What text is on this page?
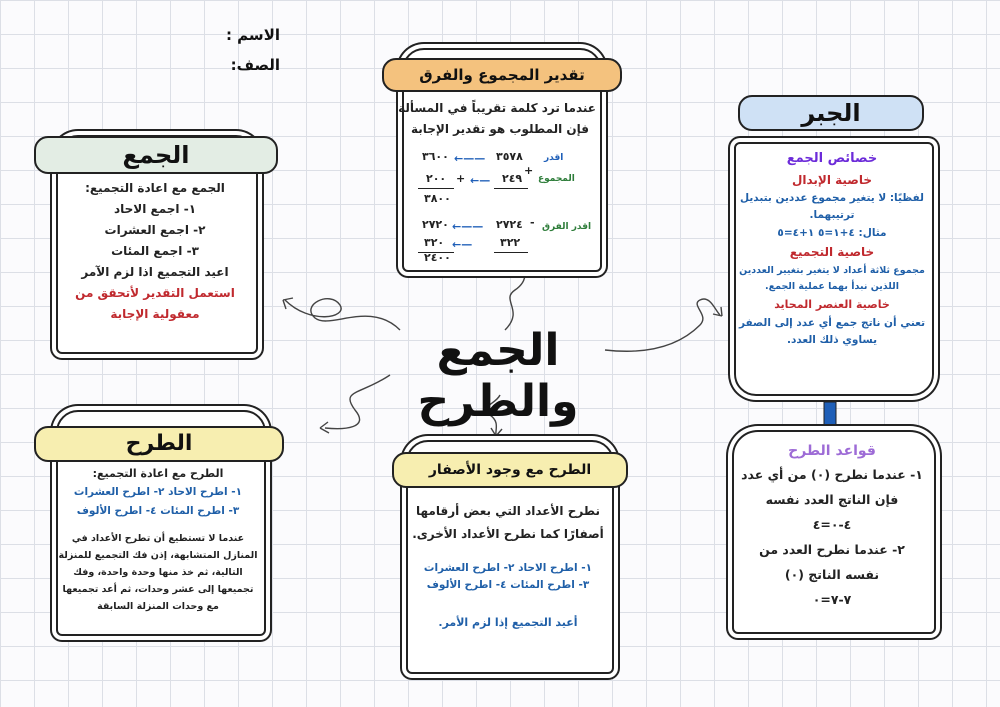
الاسم :
الصف:
الجمع والطرح
الجمع
الجمع مع اعادة التجميع:
١- اجمع الاحاد
٢- اجمع العشرات
٣- اجمع المئات
اعيد التجميع اذا لزم الآمر
استعمل التقدير لأتحقق من
معقولية الإجابة
تقدير المجموع والفرق
عندما ترد كلمة تقريباً في المسألة
فإن المطلوب هو تقدير الإجابة
٣٦٠٠ ←—— ٣٥٧٨ اقدر
٢٠٠ + ←— ٢٤٩
+
المجموع
٣٨٠٠
٢٧٢٠ ←—— ٢٧٢٤ - اقدر الفرق
٣٢٠ ←—	٣٢٢
٢٤٠٠
الجبر
خصائص الجمع
خاصية الإبدال
لفظيًا: لا يتغير مجموع عددين بتبديل
ترتيبهما.
مثال: ٤+١=٥ ١+٤=٥
خاصية التجميع
مجموع ثلاثة أعداد لا يتغير بتغيير العددين
اللذين نبدأ بهما عملية الجمع.
خاصية العنصر المحايد
تعني أن ناتج جمع أي عدد إلى الصفر
يساوي ذلك العدد.
قواعد الطرح
١- عندما نطرح (٠) من أي عدد
فإن الناتج العدد نفسه
٤-٠=٤
٢- عندما نطرح العدد من
نفسه الناتج (٠)
٧-٧=٠
الطرح
الطرح مع اعادة التجميع:
١- اطرح الاحاد ٢- اطرح العشرات
٣- اطرح المئات ٤- اطرح الألوف
عندما لا تستطيع أن تطرح الأعداد في
المنازل المتشابهة، إذن فك التجميع للمنزلة
التالية، ثم خذ منها وحدة واحدة، وفك
تجميعها إلى عشر وحدات، ثم أعد تجميعها
مع وحدات المنزلة السابقة
الطرح مع وجود الأصفار
نطرح الأعداد التي بعض أرقامها
أصفارًا كما نطرح الأعداد الأخرى.
١- اطرح الاحاد ٢- اطرح العشرات
٣- اطرح المئات ٤- اطرح الألوف
أعيد التجميع إذا لزم الأمر.
